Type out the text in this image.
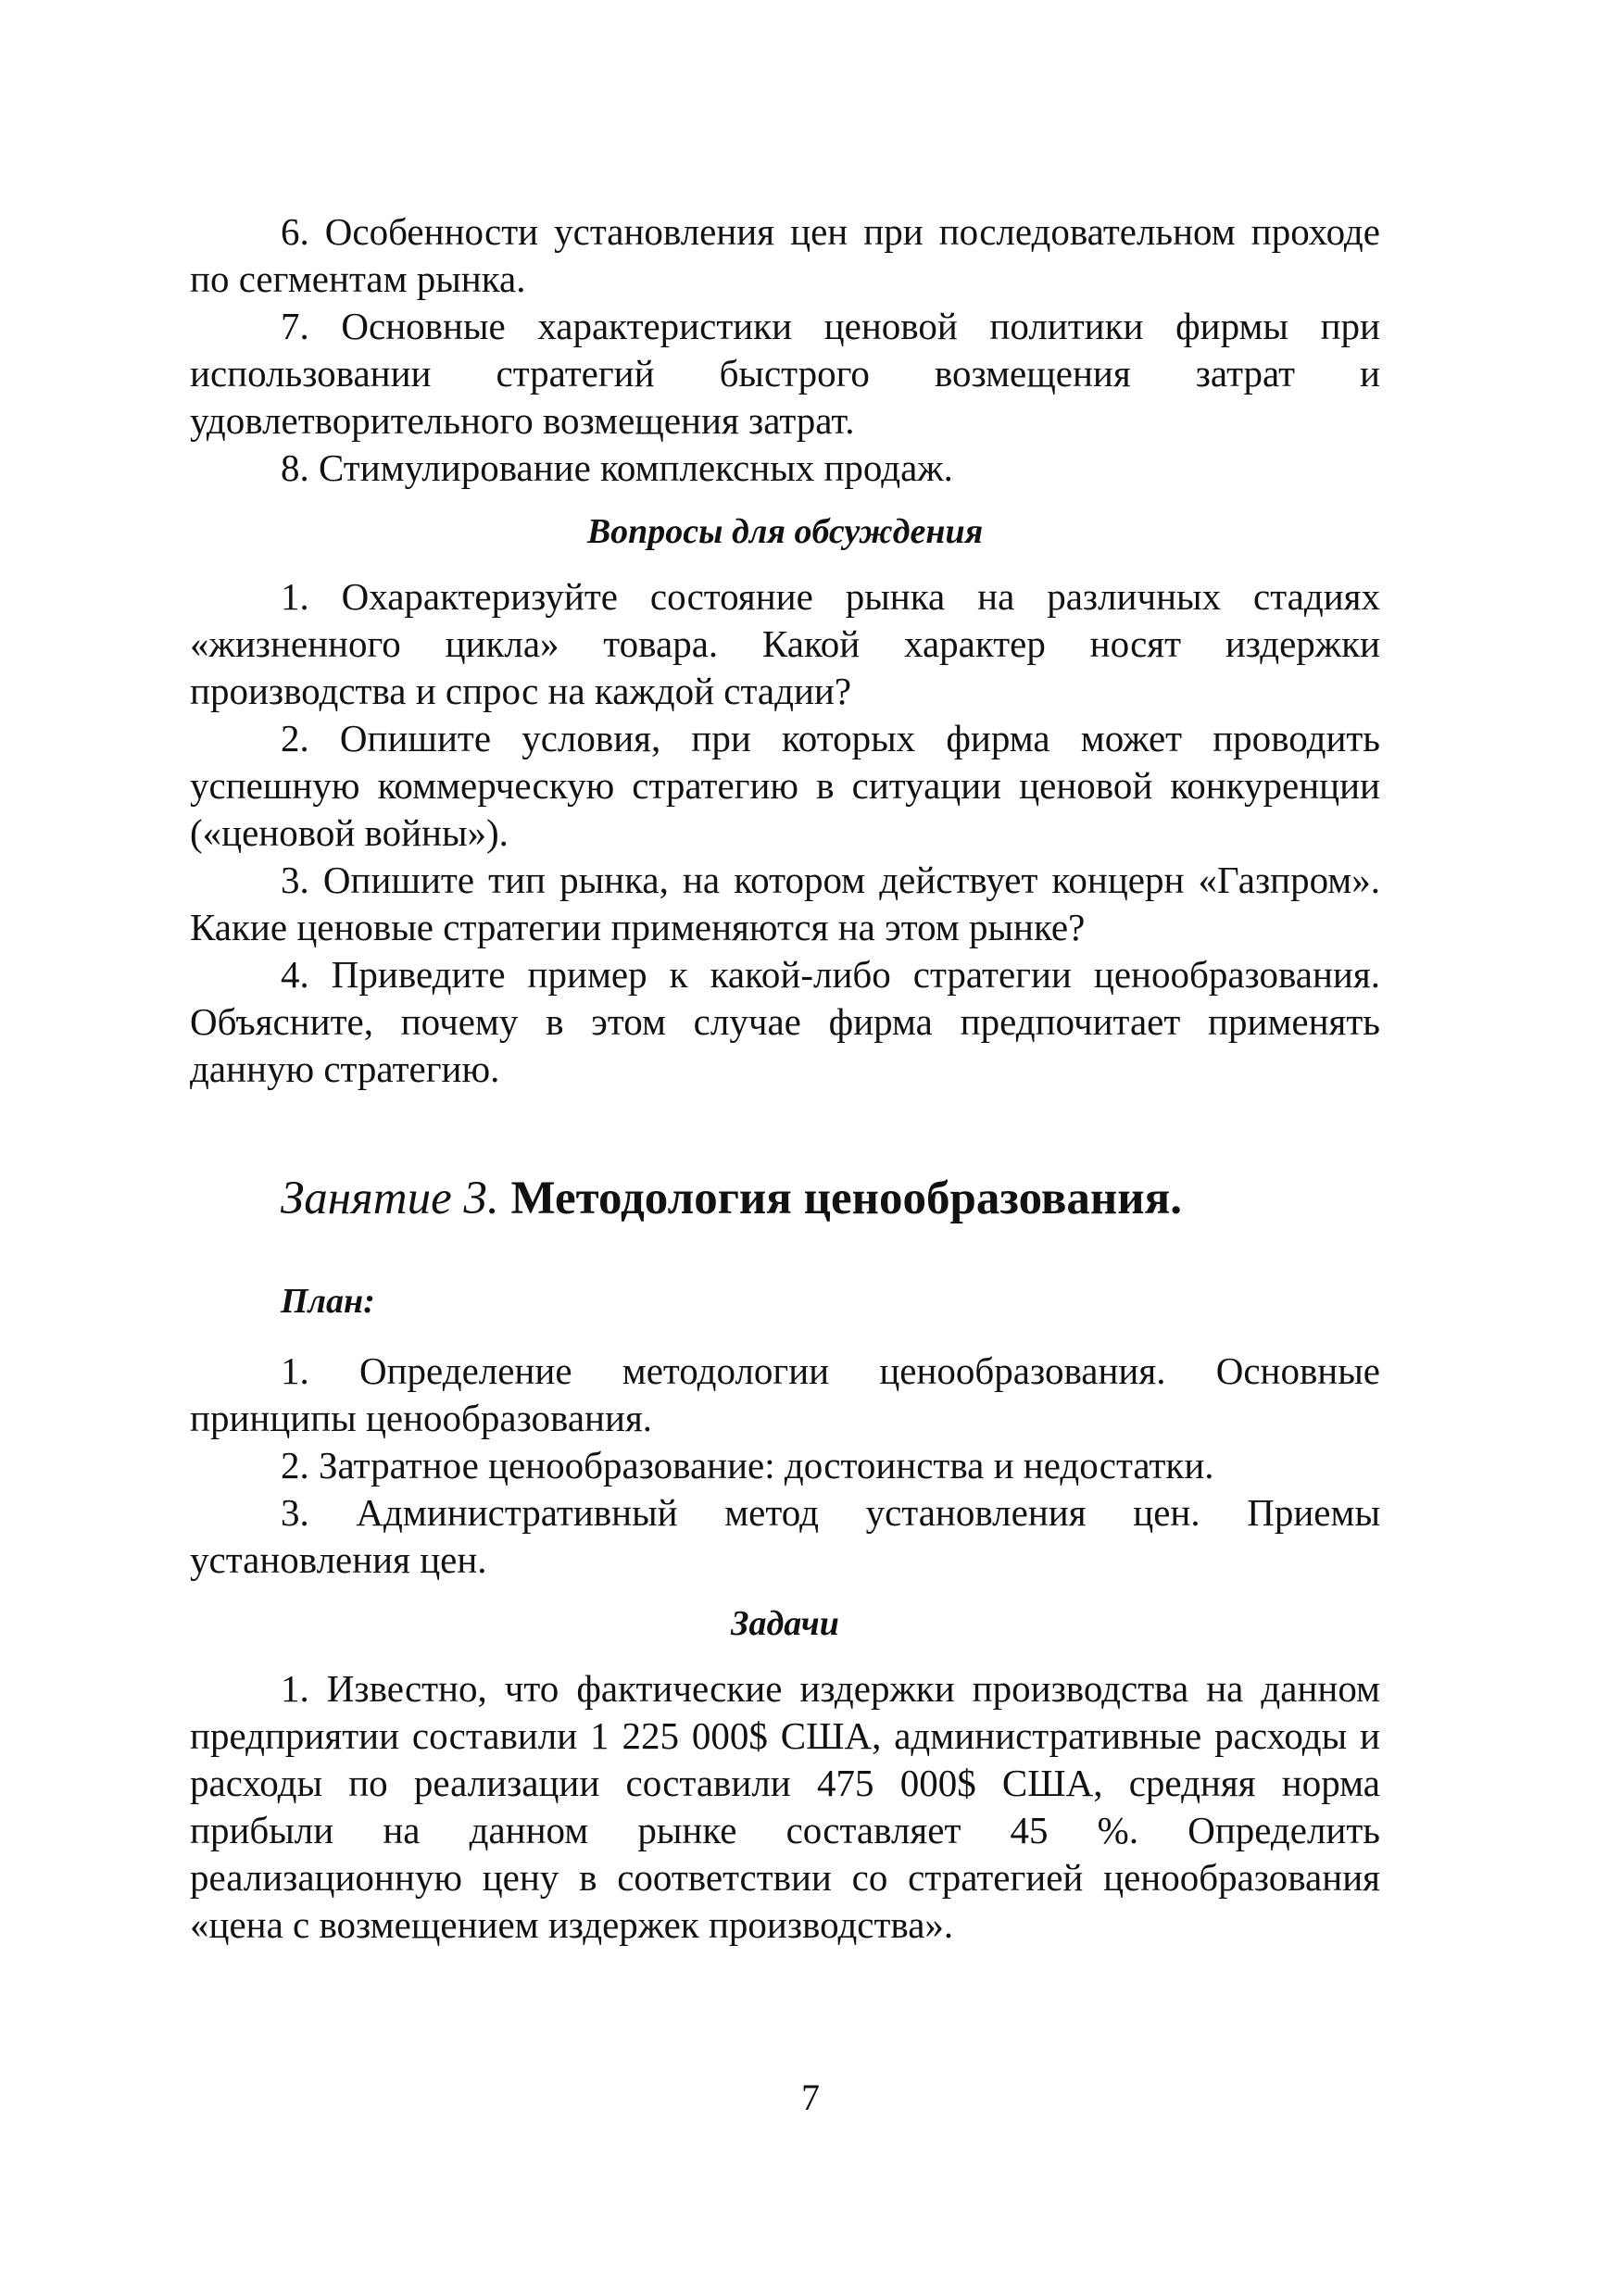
6. Особенности установления цен при последовательном проходе по сегментам рынка.

7. Основные характеристики ценовой политики фирмы при использовании стратегий быстрого возмещения затрат и удовлетворительного возмещения затрат.

8. Стимулирование комплексных продаж.

Вопросы для обсуждения

1. Охарактеризуйте состояние рынка на различных стадиях «жизненного цикла» товара. Какой характер носят издержки производства и спрос на каждой стадии?

2. Опишите условия, при которых фирма может проводить успешную коммерческую стратегию в ситуации ценовой конкуренции («ценовой войны»).

3. Опишите тип рынка, на котором действует концерн «Газпром». Какие ценовые стратегии применяются на этом рынке?

4. Приведите пример к какой-либо стратегии ценообразования. Объясните, почему в этом случае фирма предпочитает применять данную стратегию.

Занятие 3. Методология ценообразования.
План:

1. Определение методологии ценообразования. Основные принципы ценообразования.

2. Затратное ценообразование: достоинства и недостатки.

3. Административный метод установления цен. Приемы установления цен.

Задачи

1. Известно, что фактические издержки производства на данном предприятии составили 1 225 000$ США, административные расходы и расходы по реализации составили 475 000$ США, средняя норма прибыли на данном рынке составляет 45 %. Определить реализационную цену в соответствии со стратегией ценообразования «цена с возмещением издержек производства».

7
